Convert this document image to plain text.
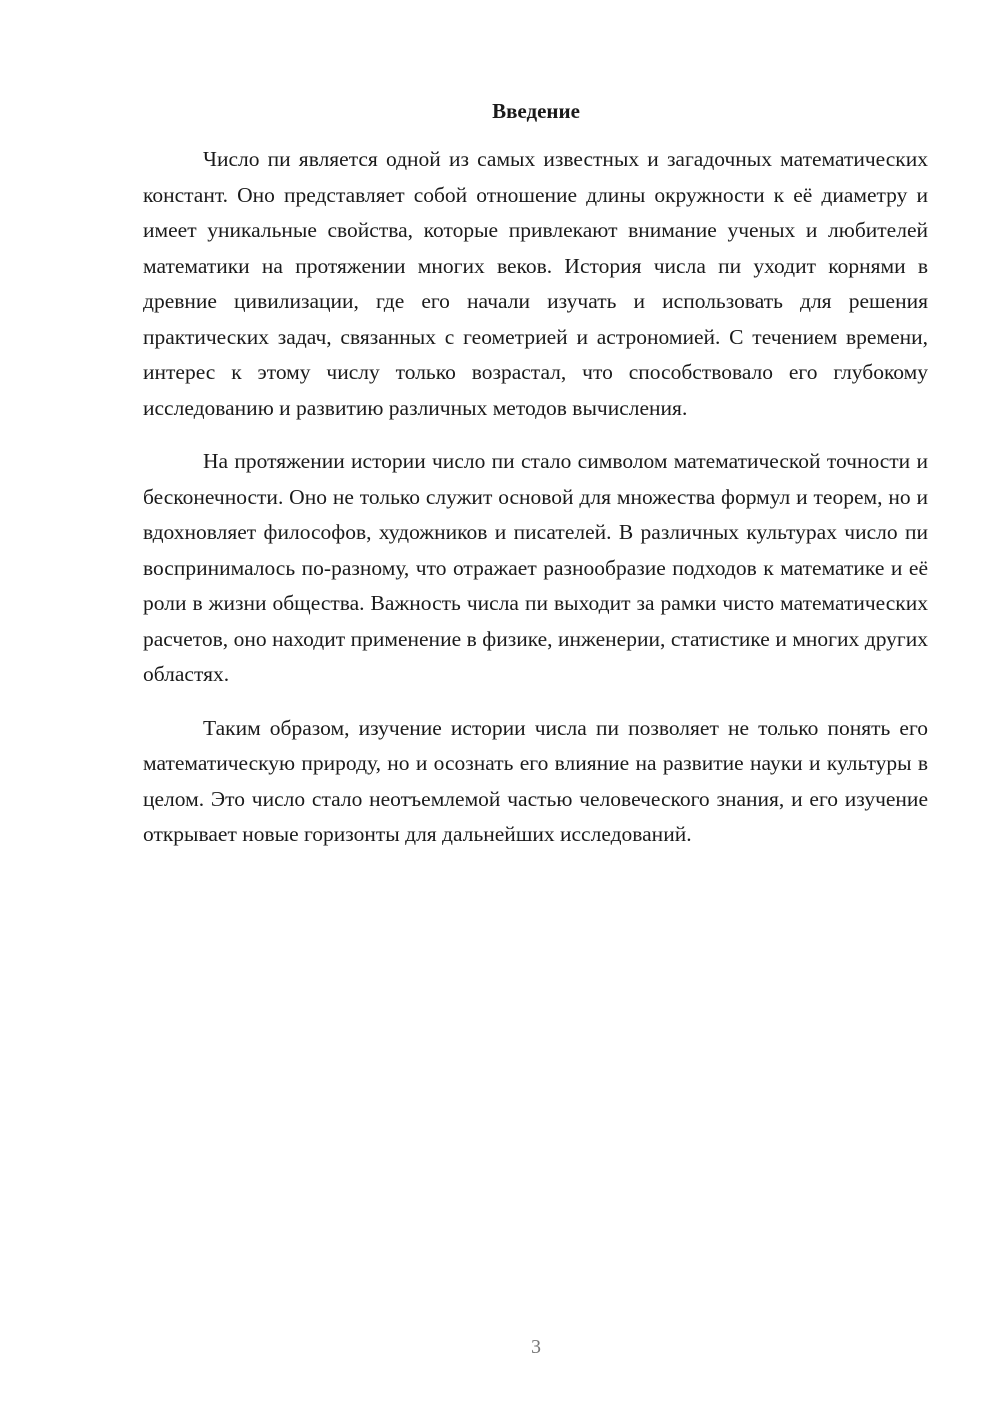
Введение

Число пи является одной из самых известных и загадочных математических констант. Оно представляет собой отношение длины окружности к её диаметру и имеет уникальные свойства, которые привлекают внимание ученых и любителей математики на протяжении многих веков. История числа пи уходит корнями в древние цивилизации, где его начали изучать и использовать для решения практических задач, связанных с геометрией и астрономией. С течением времени, интерес к этому числу только возрастал, что способствовало его глубокому исследованию и развитию различных методов вычисления.

На протяжении истории число пи стало символом математической точности и бесконечности. Оно не только служит основой для множества формул и теорем, но и вдохновляет философов, художников и писателей. В различных культурах число пи воспринималось по-разному, что отражает разнообразие подходов к математике и её роли в жизни общества. Важность числа пи выходит за рамки чисто математических расчетов, оно находит применение в физике, инженерии, статистике и многих других областях.

Таким образом, изучение истории числа пи позволяет не только понять его математическую природу, но и осознать его влияние на развитие науки и культуры в целом. Это число стало неотъемлемой частью человеческого знания, и его изучение открывает новые горизонты для дальнейших исследований.

3
